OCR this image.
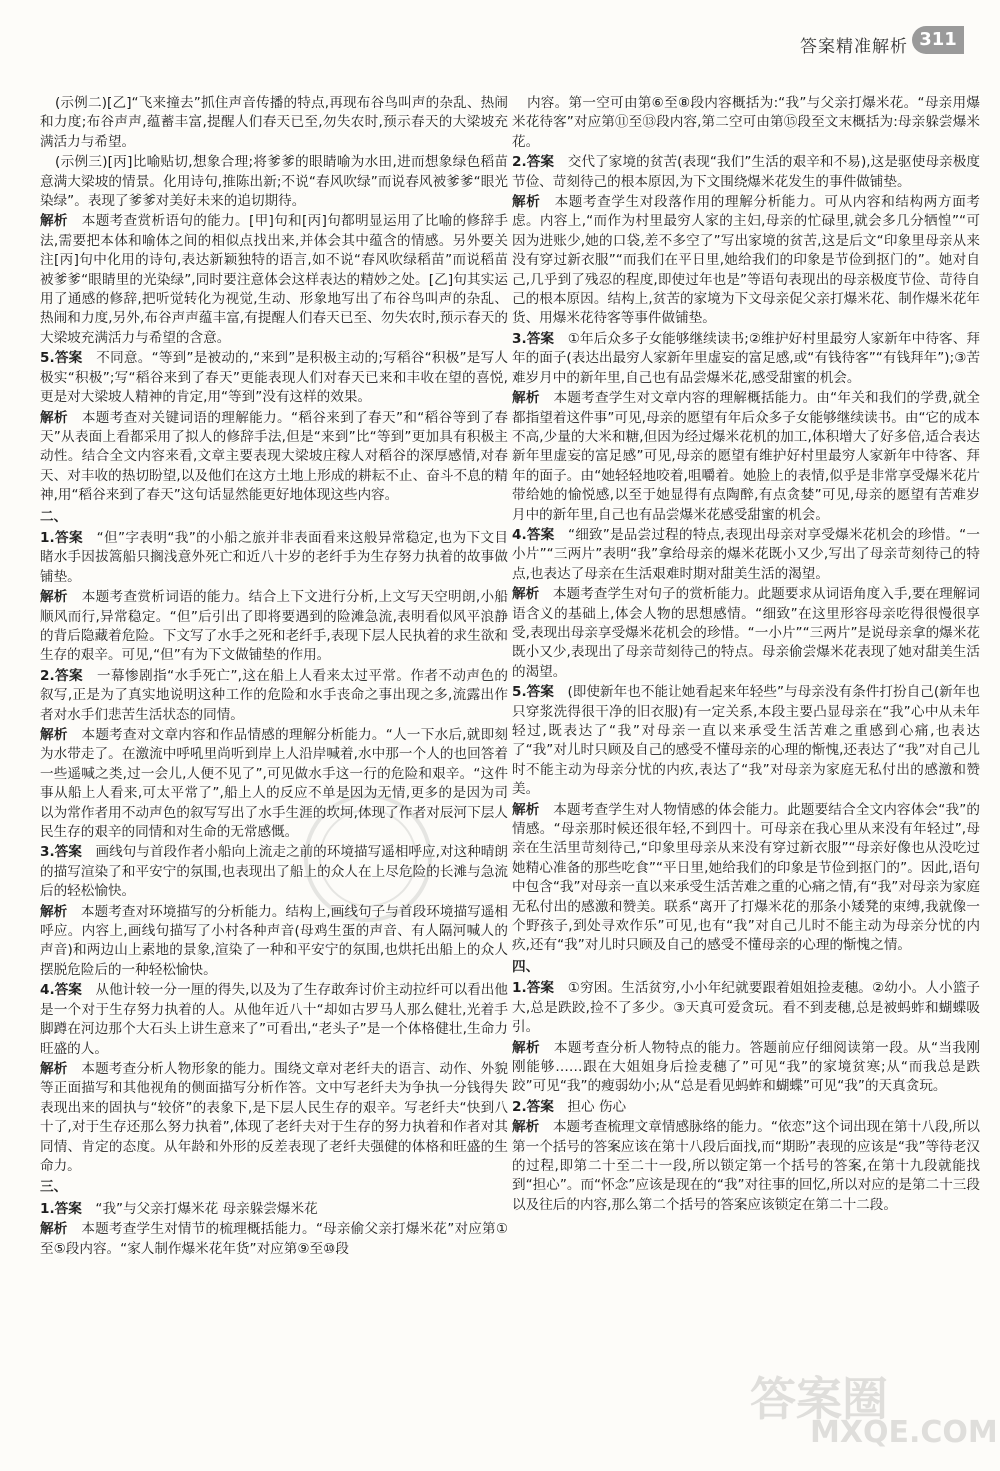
答案精准解析 311
(示例二)[乙]“飞来撞去”抓住声音传播的特点,再现布谷鸟叫声的杂乱、热闹和力度;布谷声声,蕴蓄丰富,提醒人们春天已至,勿失农时,预示春天的大梁坡充满活力与希望。
(示例三)[丙]比喻贴切,想象合理;将爹爹的眼睛喻为水田,进而想象绿色稻苗意满大梁坡的情景。化用诗句,推陈出新;不说“春风吹绿”而说春风被爹爹“眼光染绿”。表现了爹爹对美好未来的追切期待。
解析  本题考查赏析语句的能力。[甲]句和[丙]句都明显运用了比喻的修辞手法,需要把本体和喻体之间的相似点找出来,并体会其中蕴含的情感。另外要关注[丙]句中化用的诗句,表达新颖独特的语言,如不说“春风吹绿稻苗”而说稻苗被爹爹“眼睛里的光染绿”,同时要注意体会这样表达的精妙之处。[乙]句其实运用了通感的修辞,把听觉转化为视觉,生动、形象地写出了布谷鸟叫声的杂乱、热闹和力度,另外,布谷声声蕴丰富,有提醒人们春天已至、勿失农时,预示春天的大梁坡充满活力与希望的含意。
5.答案  不同意。“等到”是被动的,“来到”是积极主动的;写稻谷“积极”是写人极实“积极”;写“稻谷来到了春天”更能表现人们对春天已来和丰收在望的喜悦,更是对大梁坡人精神的肯定,用“等到”没有这样的效果。
解析  本题考查对关键词语的理解能力。“稻谷来到了春天”和“稻谷等到了春天”从表面上看都采用了拟人的修辞手法,但是“来到”比“等到”更加具有积极主动性。结合全文内容来看,文章主要表现大梁坡庄稼人对稻谷的深厚感情,对春天、对丰收的热切盼望,以及他们在这方土地上形成的耕耘不止、奋斗不息的精神,用“稻谷来到了春天”这句话显然能更好地体现这些内容。
二、
1.答案  “但”字表明“我”的小船之旅并非表面看来这般异常稳定,也为下文目睹水手因拔篙船只搁浅意外死亡和近八十岁的老纤手为生存努力执着的故事做铺垫。
解析  本题考查赏析词语的能力。结合上下文进行分析,上文写天空明朗,小船顺风而行,异常稳定。“但”后引出了即将要遇到的险滩急流,表明看似风平浪静的背后隐藏着危险。下文写了水手之死和老纤手,表现下层人民执着的求生欲和生存的艰辛。可见,“但”有为下文做铺垫的作用。
2.答案  一幕惨剧指“水手死亡”,这在船上人看来太过平常。作者不动声色的叙写,正是为了真实地说明这种工作的危险和水手丧命之事出现之多,流露出作者对水手们悲苦生活状态的同情。
解析  本题考查对文章内容和作品情感的理解分析能力。“人一下水后,就即刻为水带走了。在激流中呼吼里尚听到岸上人沿岸喊着,水中那一个人的也回答着一些遥喊之类,过一会儿,人便不见了”,可见做水手这一行的危险和艰辛。“这件事从船上人看来,可太平常了”,船上人的反应不单是因为无情,更多的是因为司以为常作者用不动声色的叙写写出了水手生涯的坎坷,体现了作者对辰河下层人民生存的艰辛的同情和对生命的无常感慨。
3.答案  画线句与首段作者小船向上流走之前的环境描写遥相呼应,对这种晴朗的描写渲染了和平安宁的氛围,也表现出了船上的众人在上尽危险的长滩与急流后的轻松愉快。
解析  本题考查对环境描写的分析能力。结构上,画线句子与首段环境描写遥相呼应。内容上,画线句描写了小村各种声音(母鸡生蛋的声音、有人隔河喊人的声音)和两边山上素地的景象,渲染了一种和平安宁的氛围,也烘托出船上的众人摆脱危险后的一种轻松愉快。
4.答案  从他计较一分一厘的得失,以及为了生存敢奔讨价主动拉纤可以看出他是一个对于生存努力执着的人。从他年近八十“却如古罗马人那么健壮,光着手脚蹲在河边那个大石头上讲生意来了”可看出,“老头子”是一个体格健壮,生命力旺盛的人。
解析  本题考查分析人物形象的能力。围绕文章对老纤夫的语言、动作、外貌等正面描写和其他视角的侧面描写分析作答。文中写老纤夫为争执一分钱得失表现出来的固执与“较侪”的表象下,是下层人民生存的艰辛。写老纤夫“快到八十了,对于生存还那么努力执着”,体现了老纤夫对于生存的努力执着和作者对其同情、肯定的态度。从年龄和外形的反差表现了老纤夫强健的体格和旺盛的生命力。
三、
1.答案  “我”与父亲打爆米花 母亲躲尝爆米花
解析  本题考查学生对情节的梳理概括能力。“母亲偷父亲打爆米花”对应第①至⑤段内容。“家人制作爆米花年货”对应第⑨至⑩段
内容。第一空可由第⑥至⑧段内容概括为:“我”与父亲打爆米花。“母亲用爆米花待客”对应第⑪至⑬段内容,第二空可由第⑮段至文末概括为:母亲躲尝爆米花。
2.答案  交代了家境的贫苦(表现“我们”生活的艰辛和不易),这是驱使母亲极度节俭、苛刻待己的根本原因,为下文围绕爆米花发生的事件做铺垫。
解析  本题考查学生对段落作用的理解分析能力。可从内容和结构两方面考虑。内容上,“而作为村里最穷人家的主妇,母亲的忙碌里,就会多几分牺惶”“可因为进账少,她的口袋,差不多空了”写出家境的贫苦,这是后文“印象里母亲从来没有穿过新衣服”“而我们在平日里,她给我们的印象是节俭到抠门的”。她对自己,几乎到了残忍的程度,即使过年也是”等语句表现出的母亲极度节俭、苛待自己的根本原因。结构上,贫苦的家境为下文母亲促父亲打爆米花、制作爆米花年货、用爆米花待客等事件做铺垫。
3.答案  ①年后众多子女能够继续读书;②维护好村里最穷人家新年中待客、拜年的面子(表达出最穷人家新年里虚妄的富足感,或“有钱待客”“有钱拜年”);③苦难岁月中的新年里,自己也有品尝爆米花,感受甜蜜的机会。
解析  本题考查学生对文章内容的理解概括能力。由“年关和我们的学费,就全都指望着这件事”可见,母亲的愿望有年后众多子女能够继续读书。由“它的成本不高,少量的大米和糖,但因为经过爆米花机的加工,体积增大了好多倍,适合表达新年里虚妄的富足感”可见,母亲的愿望有维护好村里最穷人家新年中待客、拜年的面子。由“她轻轻地咬着,咀嚼着。她脸上的表情,似乎是非常享受爆米花片带给她的愉悦感,以至于她显得有点陶醉,有点贪婪”可见,母亲的愿望有苦难岁月中的新年里,自己也有品尝爆米花感受甜蜜的机会。
4.答案  “细致”是品尝过程的特点,表现出母亲对享受爆米花机会的珍惜。“一小片”“三两片”表明“我”拿给母亲的爆米花既小又少,写出了母亲苛刻待己的特点,也表达了母亲在生活艰难时期对甜美生活的渴望。
解析  本题考查学生对句子的赏析能力。此题要求从词语角度入手,要在理解词语含义的基础上,体会人物的思想感情。“细致”在这里形容母亲吃得很慢很享受,表现出母亲享受爆米花机会的珍惜。“一小片”“三两片”是说母亲拿的爆米花既小又少,表现出了母亲苛刻待己的特点。母亲偷尝爆米花表现了她对甜美生活的渴望。
5.答案  (即使新年也不能让她看起来年轻些”与母亲没有条件打扮自己(新年也只穿浆洗得很干净的旧衣服)有一定关系,本段主要凸显母亲在“我”心中从未年轻过,既表达了“我”对母亲一直以来承受生活苦难之重感到心痛,也表达了“我”对儿时只顾及自己的感受不懂母亲的心理的惭愧,还表达了“我”对自己儿时不能主动为母亲分忧的内疚,表达了“我”对母亲为家庭无私付出的感激和赞美。
解析  本题考查学生对人物情感的体会能力。此题要结合全文内容体会“我”的情感。“母亲那时候还很年轻,不到四十。可母亲在我心里从来没有年轻过”,母亲在生活里苛刻待己,“印象里母亲从来没有穿过新衣服”“母亲好像也从没吃过她精心准备的那些吃食”“平日里,她给我们的印象是节俭到抠门的”。因此,语句中包含“我”对母亲一直以来承受生活苦难之重的心痛之情,有“我”对母亲为家庭无私付出的感激和赞美。联系“离开了打爆米花的那条小矮凳的束缚,我就像一个野孩子,到处寻欢作乐”可见,也有“我”对自己儿时不能主动为母亲分忧的内疚,还有“我”对儿时只顾及自己的感受不懂母亲的心理的惭愧之情。
四、
1.答案  ①穷困。生活贫穷,小小年纪就要跟着姐姐捡麦穗。②幼小。人小篮子大,总是跌跤,捡不了多少。③天真可爱贪玩。看不到麦穗,总是被蚂蚱和蝴蝶吸引。
解析  本题考查分析人物特点的能力。答题前应仔细阅读第一段。从“当我刚刚能够……跟在大姐姐身后捡麦穗了”可见“我”的家境贫寒;从“而我总是跌跤”可见“我”的瘦弱幼小;从“总是看见蚂蚱和蝴蝶”可见“我”的天真贪玩。
2.答案  担心 伤心
解析  本题考查梳理文章情感脉络的能力。“依恋”这个词出现在第十八段,所以第一个括号的答案应该在第十八段后面找,而“期盼”表现的应该是“我”等待老汉的过程,即第二十至二十一段,所以锁定第一个括号的答案,在第十九段就能找到“担心”。而“怀念”应该是现在的“我”对往事的回忆,所以对应的是第二十三段以及往后的内容,那么第二个括号的答案应该锁定在第二十二段。
答案圈
MXQE.COM
